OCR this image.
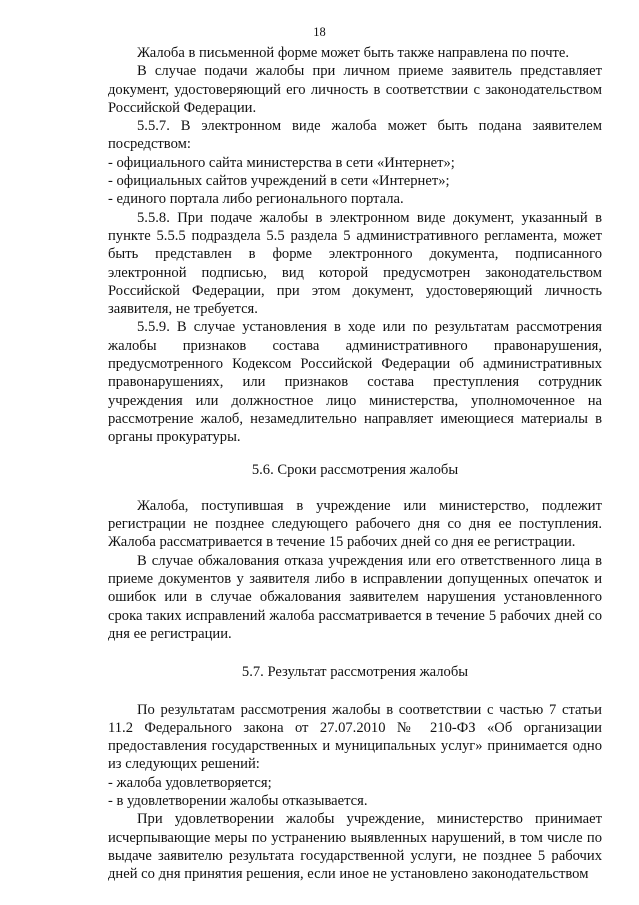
18

Жалоба в письменной форме может быть также направлена по почте.

В случае подачи жалобы при личном приеме заявитель представляет документ, удостоверяющий его личность в соответствии с законодательством Российской Федерации.

5.5.7. В электронном виде жалоба может быть подана заявителем посредством:

- официального сайта министерства в сети «Интернет»;

- официальных сайтов учреждений в сети «Интернет»;

- единого портала либо регионального портала.

5.5.8. При подаче жалобы в электронном виде документ, указанный в пункте 5.5.5 подраздела 5.5 раздела 5 административного регламента, может быть представлен в форме электронного документа, подписанного электронной подписью, вид которой предусмотрен законодательством Российской Федерации, при этом документ, удостоверяющий личность заявителя, не требуется.

5.5.9. В случае установления в ходе или по результатам рассмотрения жалобы признаков состава административного правонарушения, предусмотренного Кодексом Российской Федерации об административных правонарушениях, или признаков состава преступления сотрудник учреждения или должностное лицо министерства, уполномоченное на рассмотрение жалоб, незамедлительно направляет имеющиеся материалы в органы прокуратуры.

5.6. Сроки рассмотрения жалобы

Жалоба, поступившая в учреждение или министерство, подлежит регистрации не позднее следующего рабочего дня со дня ее поступления. Жалоба рассматривается в течение 15 рабочих дней со дня ее регистрации.

В случае обжалования отказа учреждения или его ответственного лица в приеме документов у заявителя либо в исправлении допущенных опечаток и ошибок или в случае обжалования заявителем нарушения установленного срока таких исправлений жалоба рассматривается в течение 5 рабочих дней со дня ее регистрации.

5.7. Результат рассмотрения жалобы

По результатам рассмотрения жалобы в соответствии с частью 7 статьи 11.2 Федерального закона от 27.07.2010 № 210-ФЗ «Об организации предоставления государственных и муниципальных услуг» принимается одно из следующих решений:

- жалоба удовлетворяется;

- в удовлетворении жалобы отказывается.

При удовлетворении жалобы учреждение, министерство принимает исчерпывающие меры по устранению выявленных нарушений, в том числе по выдаче заявителю результата государственной услуги, не позднее 5 рабочих дней со дня принятия решения, если иное не установлено законодательством
